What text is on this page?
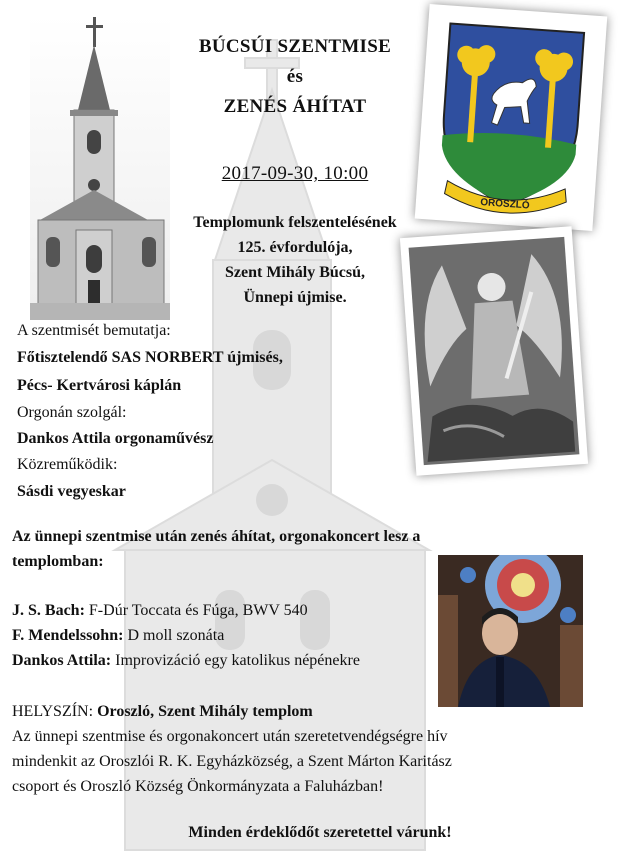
BÚCSÚI SZENTMISE
és
ZENÉS ÁHÍTAT
2017-09-30, 10:00
OROSZLÓ
Templomunk felszentelésének
125. évfordulója,
Szent Mihály Búcsú,
Ünnepi újmise.
A szentmisét bemutatja:
Főtisztelendő SAS NORBERT újmisés,
Pécs- Kertvárosi káplán
Orgonán szolgál:
Dankos Attila orgonaművész
Közreműködik:
Sásdi vegyeskar
Az ünnepi szentmise után zenés áhítat, orgonakoncert lesz a
templomban:
J. S. Bach: F-Dúr Toccata és Fúga, BWV 540
F. Mendelssohn: D moll szonáta
Dankos Attila: Improvizáció egy katolikus népénekre
HELYSZÍN: Oroszló, Szent Mihály templom
Az ünnepi szentmise és orgonakoncert után szeretetvendégségre hív
mindenkit az Oroszlói R. K. Egyházközség, a Szent Márton Karitász
csoport és Oroszló Község Önkormányzata a Faluházban!
Minden érdeklődőt szeretettel várunk!
